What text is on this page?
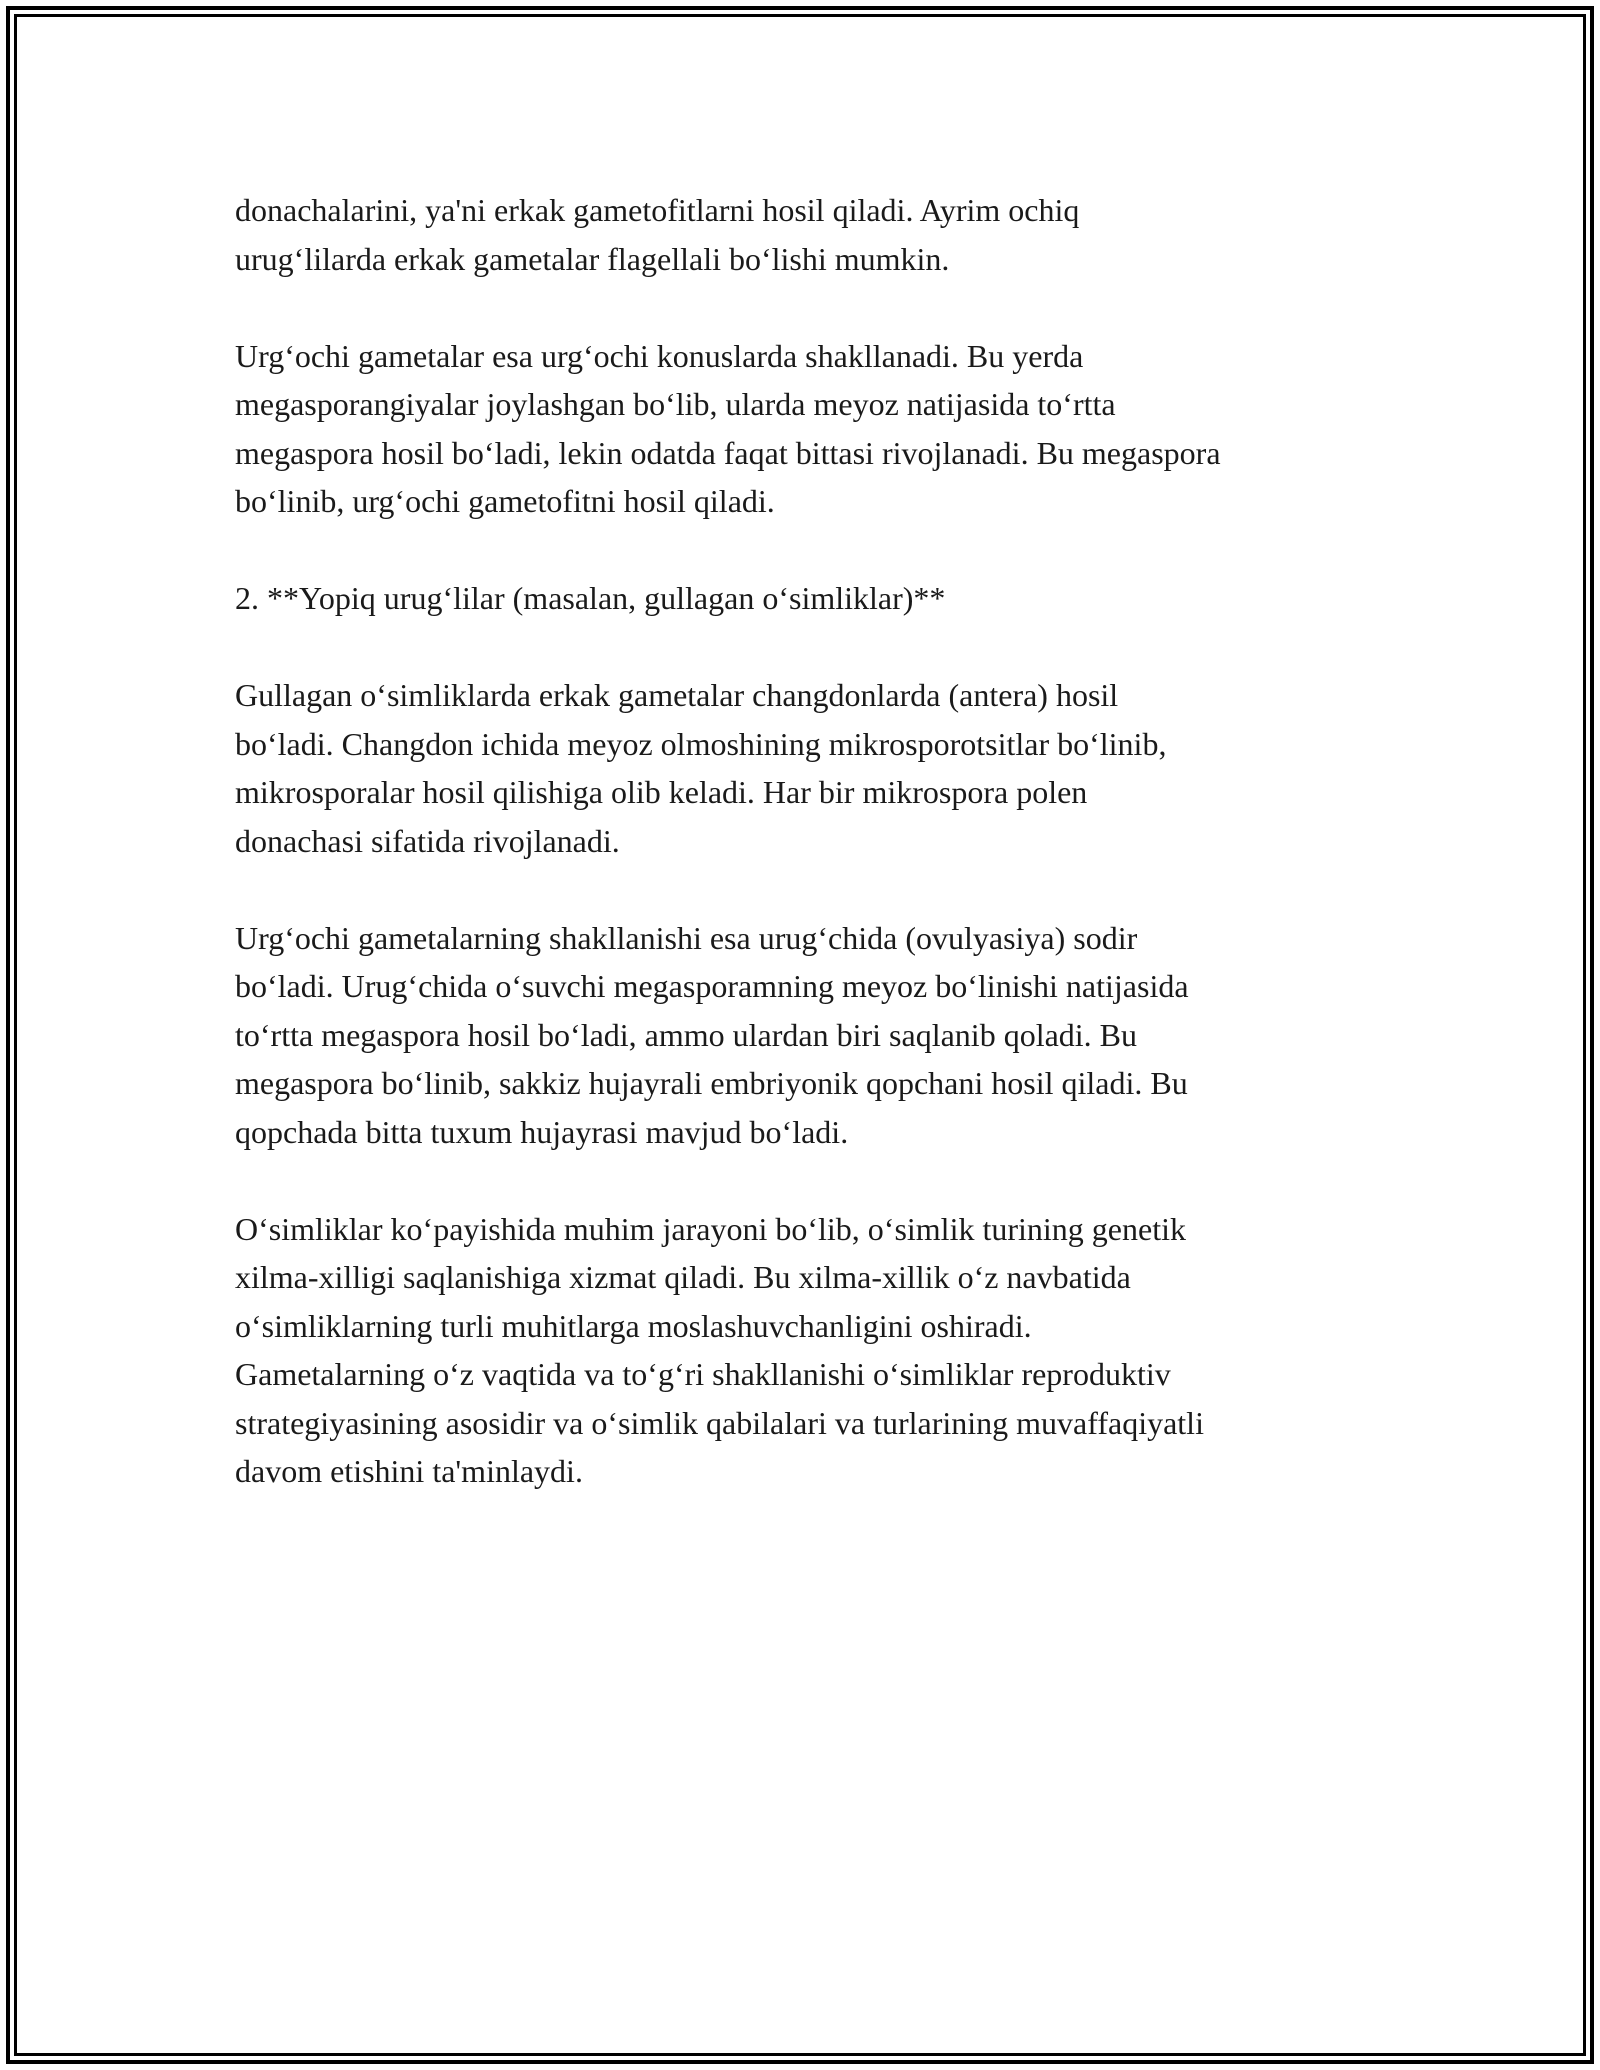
donachalarini, ya'ni erkak gametofitlarni hosil qiladi. Ayrim ochiq
urug‘lilarda erkak gametalar flagellali bo‘lishi mumkin.

Urg‘ochi gametalar esa urg‘ochi konuslarda shakllanadi. Bu yerda
megasporangiyalar joylashgan bo‘lib, ularda meyoz natijasida to‘rtta
megaspora hosil bo‘ladi, lekin odatda faqat bittasi rivojlanadi. Bu megaspora
bo‘linib, urg‘ochi gametofitni hosil qiladi.

2. **Yopiq urug‘lilar (masalan, gullagan o‘simliklar)**

Gullagan o‘simliklarda erkak gametalar changdonlarda (antera) hosil
bo‘ladi. Changdon ichida meyoz olmoshining mikrosporotsitlar bo‘linib,
mikrosporalar hosil qilishiga olib keladi. Har bir mikrospora polen
donachasi sifatida rivojlanadi.

Urg‘ochi gametalarning shakllanishi esa urug‘chida (ovulyasiya) sodir
bo‘ladi. Urug‘chida o‘suvchi megasporamning meyoz bo‘linishi natijasida
to‘rtta megaspora hosil bo‘ladi, ammo ulardan biri saqlanib qoladi. Bu
megaspora bo‘linib, sakkiz hujayrali embriyonik qopchani hosil qiladi. Bu
qopchada bitta tuxum hujayrasi mavjud bo‘ladi.

O‘simliklar ko‘payishida muhim jarayoni bo‘lib, o‘simlik turining genetik
xilma-xilligi saqlanishiga xizmat qiladi. Bu xilma-xillik o‘z navbatida
o‘simliklarning turli muhitlarga moslashuvchanligini oshiradi.
Gametalarning o‘z vaqtida va to‘g‘ri shakllanishi o‘simliklar reproduktiv
strategiyasining asosidir va o‘simlik qabilalari va turlarining muvaffaqiyatli
davom etishini ta'minlaydi.
